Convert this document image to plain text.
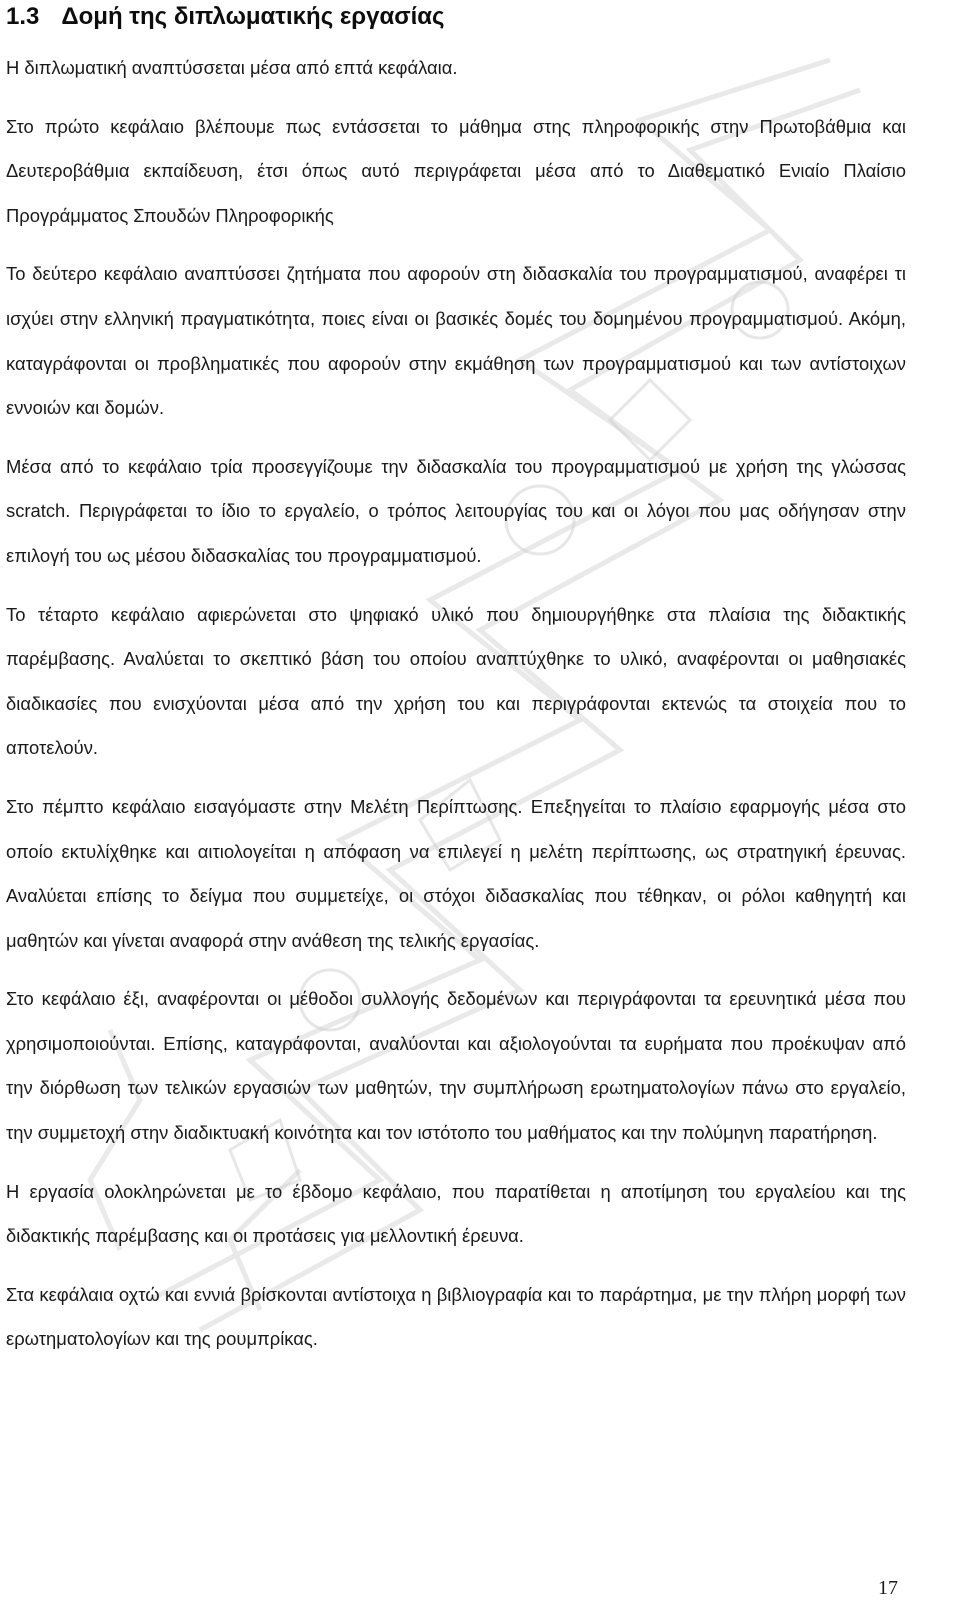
1.3 Δομή της διπλωματικής εργασίας

Η διπλωματική αναπτύσσεται μέσα από επτά κεφάλαια.

Στο πρώτο κεφάλαιο βλέπουμε πως εντάσσεται το μάθημα στης πληροφορικής στην Πρωτοβάθμια και Δευτεροβάθμια εκπαίδευση, έτσι όπως αυτό περιγράφεται μέσα από το Διαθεματικό Ενιαίο Πλαίσιο Προγράμματος Σπουδών Πληροφορικής

Το δεύτερο κεφάλαιο αναπτύσσει ζητήματα που αφορούν στη διδασκαλία του προγραμματισμού, αναφέρει τι ισχύει στην ελληνική πραγματικότητα, ποιες είναι οι βασικές δομές του δομημένου προγραμματισμού. Ακόμη, καταγράφονται οι προβληματικές που αφορούν στην εκμάθηση των προγραμματισμού και των αντίστοιχων εννοιών και δομών.

Μέσα από το κεφάλαιο τρία προσεγγίζουμε την διδασκαλία του προγραμματισμού με χρήση της γλώσσας scratch. Περιγράφεται το ίδιο το εργαλείο, ο τρόπος λειτουργίας του και οι λόγοι που μας οδήγησαν στην επιλογή του ως μέσου διδασκαλίας του προγραμματισμού.

Το τέταρτο κεφάλαιο αφιερώνεται στο ψηφιακό υλικό που δημιουργήθηκε στα πλαίσια της διδακτικής παρέμβασης. Αναλύεται το σκεπτικό βάση του οποίου αναπτύχθηκε το υλικό, αναφέρονται οι μαθησιακές διαδικασίες που ενισχύονται μέσα από την χρήση του και περιγράφονται εκτενώς τα στοιχεία που το αποτελούν.

Στο πέμπτο κεφάλαιο εισαγόμαστε στην Μελέτη Περίπτωσης. Επεξηγείται το πλαίσιο εφαρμογής μέσα στο οποίο εκτυλίχθηκε και αιτιολογείται η απόφαση να επιλεγεί η μελέτη περίπτωσης, ως στρατηγική έρευνας. Αναλύεται επίσης το δείγμα που συμμετείχε, οι στόχοι διδασκαλίας που τέθηκαν, οι ρόλοι καθηγητή και μαθητών και γίνεται αναφορά στην ανάθεση της τελικής εργασίας.

Στο κεφάλαιο έξι, αναφέρονται οι μέθοδοι συλλογής δεδομένων και περιγράφονται τα ερευνητικά μέσα που χρησιμοποιούνται. Επίσης, καταγράφονται, αναλύονται και αξιολογούνται τα ευρήματα που προέκυψαν από την διόρθωση των τελικών εργασιών των μαθητών, την συμπλήρωση ερωτηματολογίων πάνω στο εργαλείο, την συμμετοχή στην διαδικτυακή κοινότητα και τον ιστότοπο του μαθήματος και την πολύμηνη παρατήρηση.

Η εργασία ολοκληρώνεται με το έβδομο κεφάλαιο, που παρατίθεται η αποτίμηση του εργαλείου και της διδακτικής παρέμβασης και οι προτάσεις για μελλοντική έρευνα.

Στα κεφάλαια οχτώ και εννιά βρίσκονται αντίστοιχα η βιβλιογραφία και το παράρτημα, με την πλήρη μορφή των ερωτηματολογίων και της ρουμπρίκας.

17
